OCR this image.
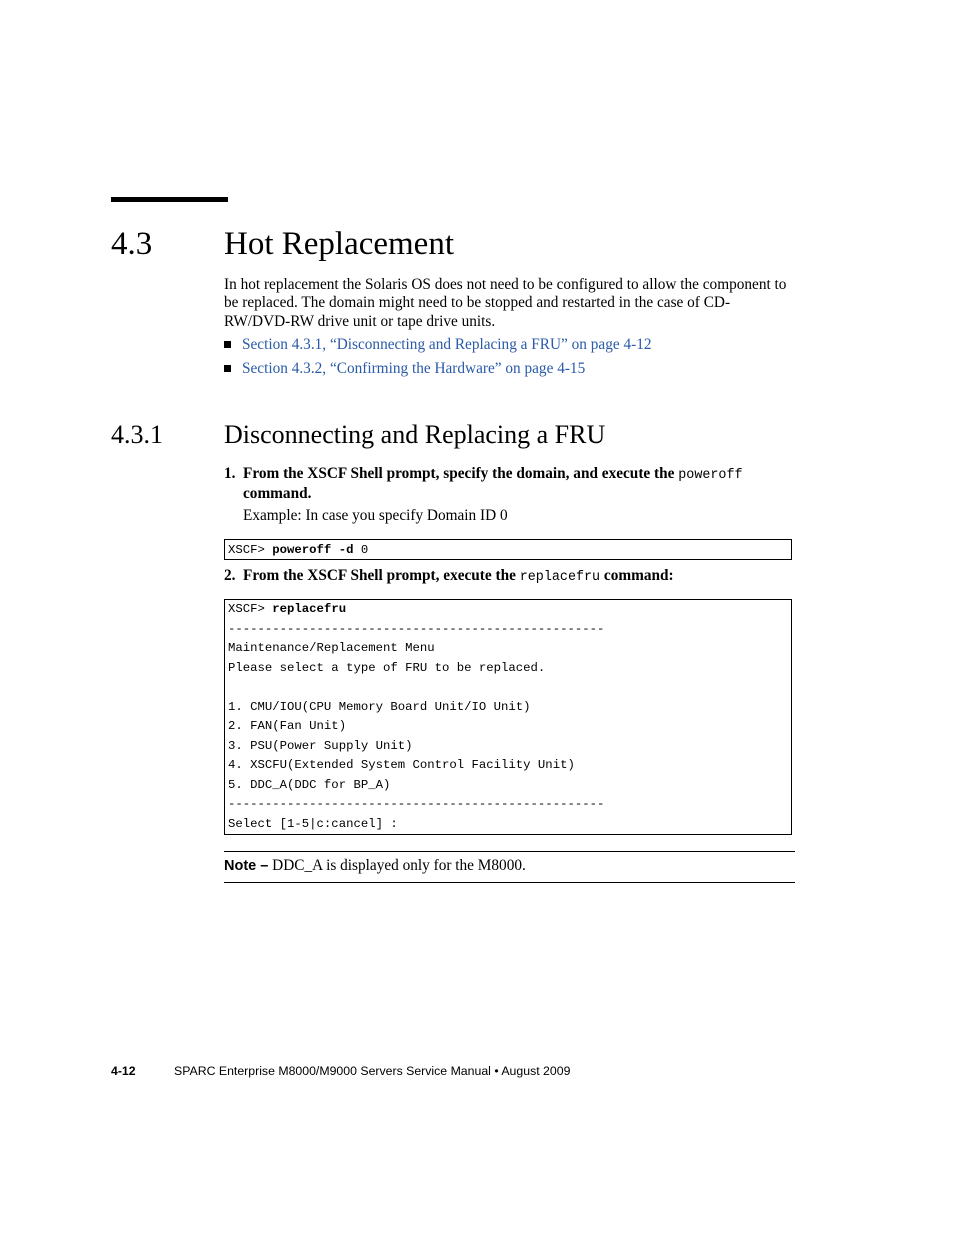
4.3 Hot Replacement

In hot replacement the Solaris OS does not need to be configured to allow the component to be replaced. The domain might need to be stopped and restarted in the case of CD-RW/DVD-RW drive unit or tape drive units.

Section 4.3.1, “Disconnecting and Replacing a FRU” on page 4-12
Section 4.3.2, “Confirming the Hardware” on page 4-15
4.3.1 Disconnecting and Replacing a FRU
1. From the XSCF Shell prompt, specify the domain, and execute the poweroff command.
Example: In case you specify Domain ID 0
XSCF> poweroff -d 0
2. From the XSCF Shell prompt, execute the replacefru command:
XSCF> replacefru
---------------------------------------------------
Maintenance/Replacement Menu
Please select a type of FRU to be replaced.
1. CMU/IOU(CPU Memory Board Unit/IO Unit)
2. FAN(Fan Unit)
3. PSU(Power Supply Unit)
4. XSCFU(Extended System Control Facility Unit)
5. DDC_A(DDC for BP_A)
---------------------------------------------------
Select [1-5|c:cancel] :
Note – DDC_A is displayed only for the M8000.
4-12	SPARC Enterprise M8000/M9000 Servers Service Manual • August 2009
